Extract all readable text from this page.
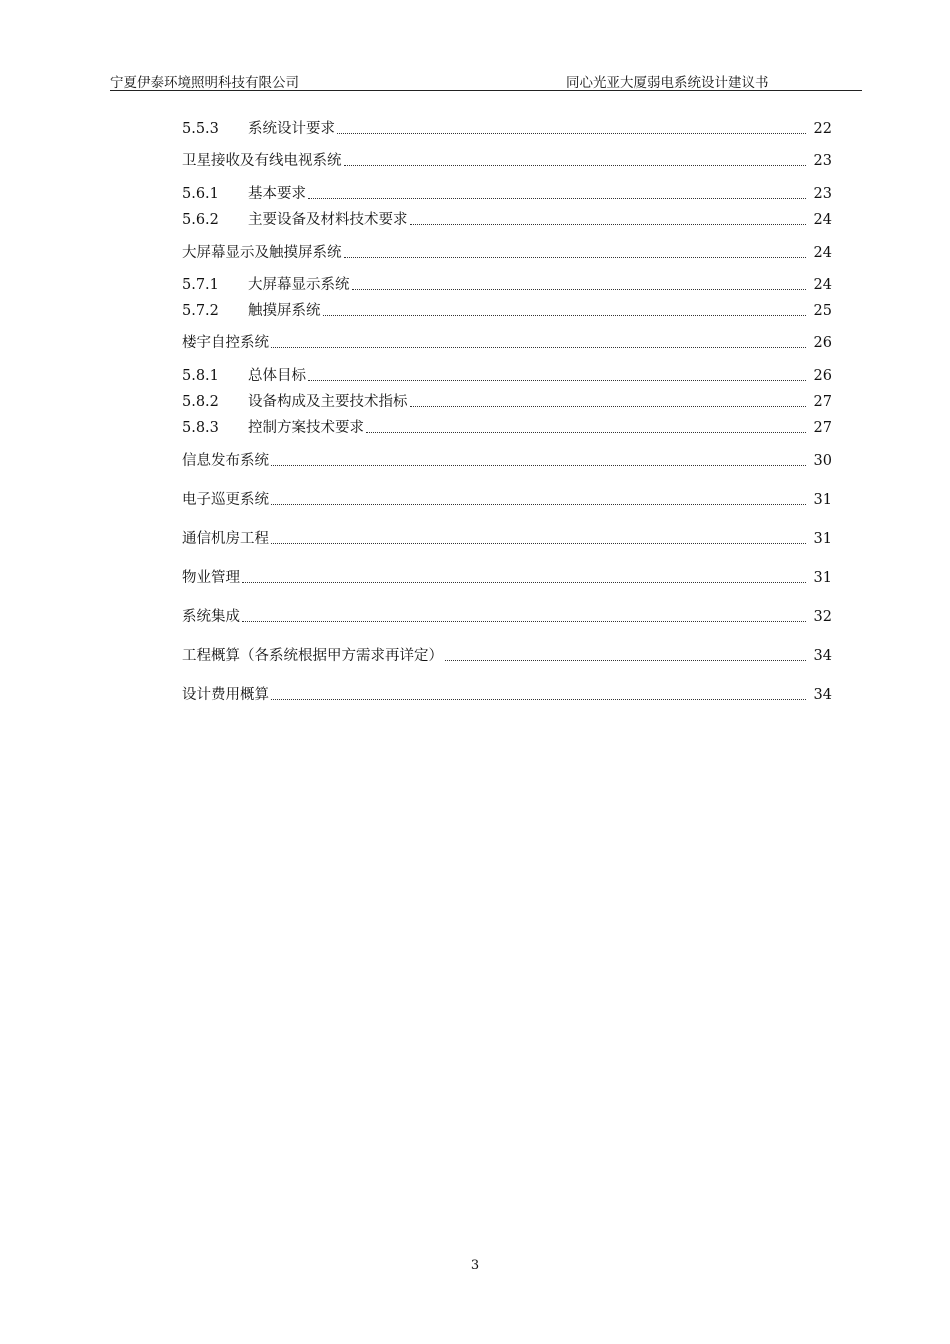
宁夏伊泰环境照明科技有限公司	同心光亚大厦弱电系统设计建议书
5.5.3	系统设计要求	22
卫星接收及有线电视系统	23
5.6.1	基本要求	23
5.6.2	主要设备及材料技术要求	24
大屏幕显示及触摸屏系统	24
5.7.1	大屏幕显示系统	24
5.7.2	触摸屏系统	25
楼宇自控系统	26
5.8.1	总体目标	26
5.8.2	设备构成及主要技术指标	27
5.8.3	控制方案技术要求	27
信息发布系统	30
电子巡更系统	31
通信机房工程	31
物业管理	31
系统集成	32
工程概算（各系统根据甲方需求再详定）	34
设计费用概算	34
3
